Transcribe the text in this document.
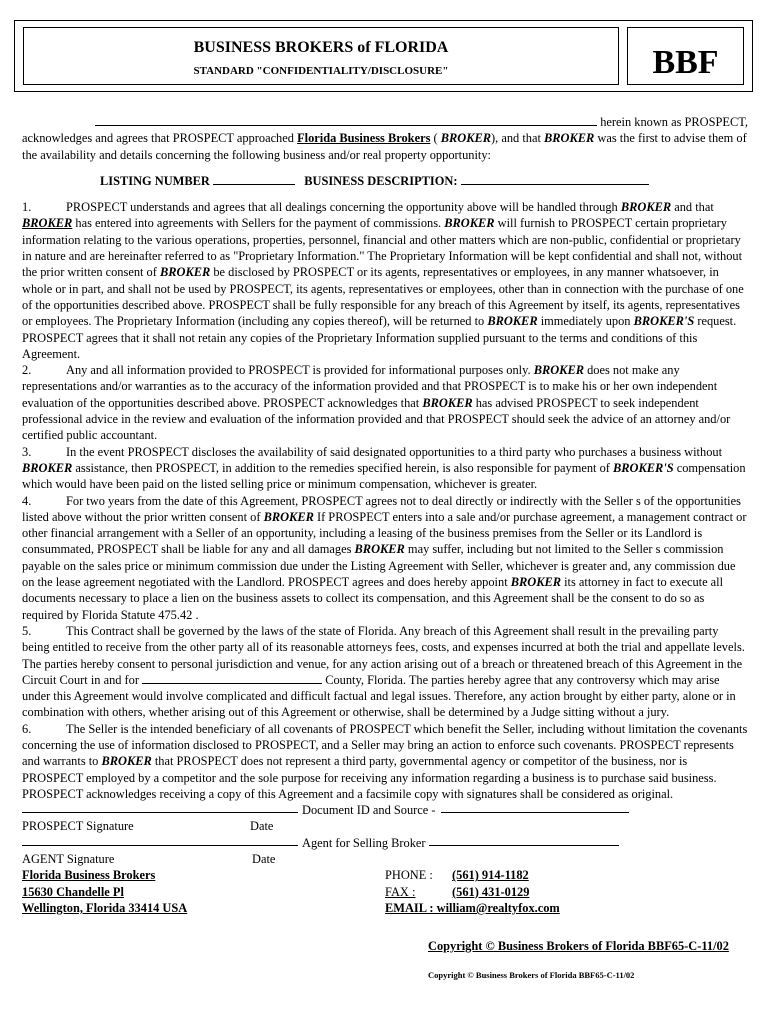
BUSINESS BROKERS of FLORIDA
STANDARD "CONFIDENTIALITY/DISCLOSURE"	BBF

herein known as PROSPECT,

acknowledges and agrees that PROSPECT approached Florida Business Brokers ( BROKER), and that BROKER was the first to advise them of the availability and details concerning the following business and/or real property opportunity:

LISTING NUMBER	BUSINESS DESCRIPTION:

1.	PROSPECT understands and agrees that all dealings concerning the opportunity above will be handled through BROKER and that BROKER has entered into agreements with Sellers for the payment of commissions. BROKER will furnish to PROSPECT certain proprietary information relating to the various operations, properties, personnel, financial and other matters which are non-public, confidential or proprietary in nature and are hereinafter referred to as "Proprietary Information." The Proprietary Information will be kept confidential and shall not, without the prior written consent of BROKER be disclosed by PROSPECT or its agents, representatives or employees, in any manner whatsoever, in whole or in part, and shall not be used by PROSPECT, its agents, representatives or employees, other than in connection with the purchase of one of the opportunities described above. PROSPECT shall be fully responsible for any breach of this Agreement by itself, its agents, representatives or employees. The Proprietary Information (including any copies thereof), will be returned to BROKER immediately upon BROKER'S request. PROSPECT agrees that it shall not retain any copies of the Proprietary Information supplied pursuant to the terms and conditions of this Agreement.

2.	Any and all information provided to PROSPECT is provided for informational purposes only. BROKER does not make any representations and/or warranties as to the accuracy of the information provided and that PROSPECT is to make his or her own independent evaluation of the opportunities described above. PROSPECT acknowledges that BROKER has advised PROSPECT to seek independent professional advice in the review and evaluation of the information provided and that PROSPECT should seek the advice of an attorney and/or certified public accountant.

3.	In the event PROSPECT discloses the availability of said designated opportunities to a third party who purchases a business without BROKER assistance, then PROSPECT, in addition to the remedies specified herein, is also responsible for payment of BROKER'S compensation which would have been paid on the listed selling price or minimum compensation, whichever is greater.

4.	For two years from the date of this Agreement, PROSPECT agrees not to deal directly or indirectly with the Seller s of the opportunities listed above without the prior written consent of BROKER If PROSPECT enters into a sale and/or purchase agreement, a management contract or other financial arrangement with a Seller of an opportunity, including a leasing of the business premises from the Seller or its Landlord is consummated, PROSPECT shall be liable for any and all damages BROKER may suffer, including but not limited to the Seller s commission payable on the sales price or minimum commission due under the Listing Agreement with Seller, whichever is greater and, any commission due on the lease agreement negotiated with the Landlord. PROSPECT agrees and does hereby appoint BROKER its attorney in fact to execute all documents necessary to place a lien on the business assets to collect its compensation, and this Agreement shall be the consent to do so as required by Florida Statute 475.42 .

5.	This Contract shall be governed by the laws of the state of Florida. Any breach of this Agreement shall result in the prevailing party being entitled to receive from the other party all of its reasonable attorneys fees, costs, and expenses incurred at both the trial and appellate levels. The parties hereby consent to personal jurisdiction and venue, for any action arising out of a breach or threatened breach of this Agreement in the Circuit Court in and for	County, Florida. The parties hereby agree that any controversy which may arise under this Agreement would involve complicated and difficult factual and legal issues. Therefore, any action brought by either party, alone or in combination with others, whether arising out of this Agreement or otherwise, shall be determined by a Judge sitting without a jury.

6.	The Seller is the intended beneficiary of all covenants of PROSPECT which benefit the Seller, including without limitation the covenants concerning the use of information disclosed to PROSPECT, and a Seller may bring an action to enforce such covenants. PROSPECT represents and warrants to BROKER that PROSPECT does not represent a third party, governmental agency or competitor of the business, nor is PROSPECT employed by a competitor and the sole purpose for receiving any information regarding a business is to purchase said business.

PROSPECT acknowledges receiving a copy of this Agreement and a facsimile copy with signatures shall be considered as original.

Document ID and Source -
PROSPECT Signature	Date
Agent for Selling Broker
AGENT Signature	Date
Florida Business Brokers	PHONE : (561) 914-1182
15630 Chandelle Pl	FAX :	(561) 431-0129
Wellington, Florida 33414 USA	EMAIL : william@realtyfox.com
Copyright © Business Brokers of Florida BBF65-C-11/02
Copyright © Business Brokers of Florida BBF65-C-11/02
